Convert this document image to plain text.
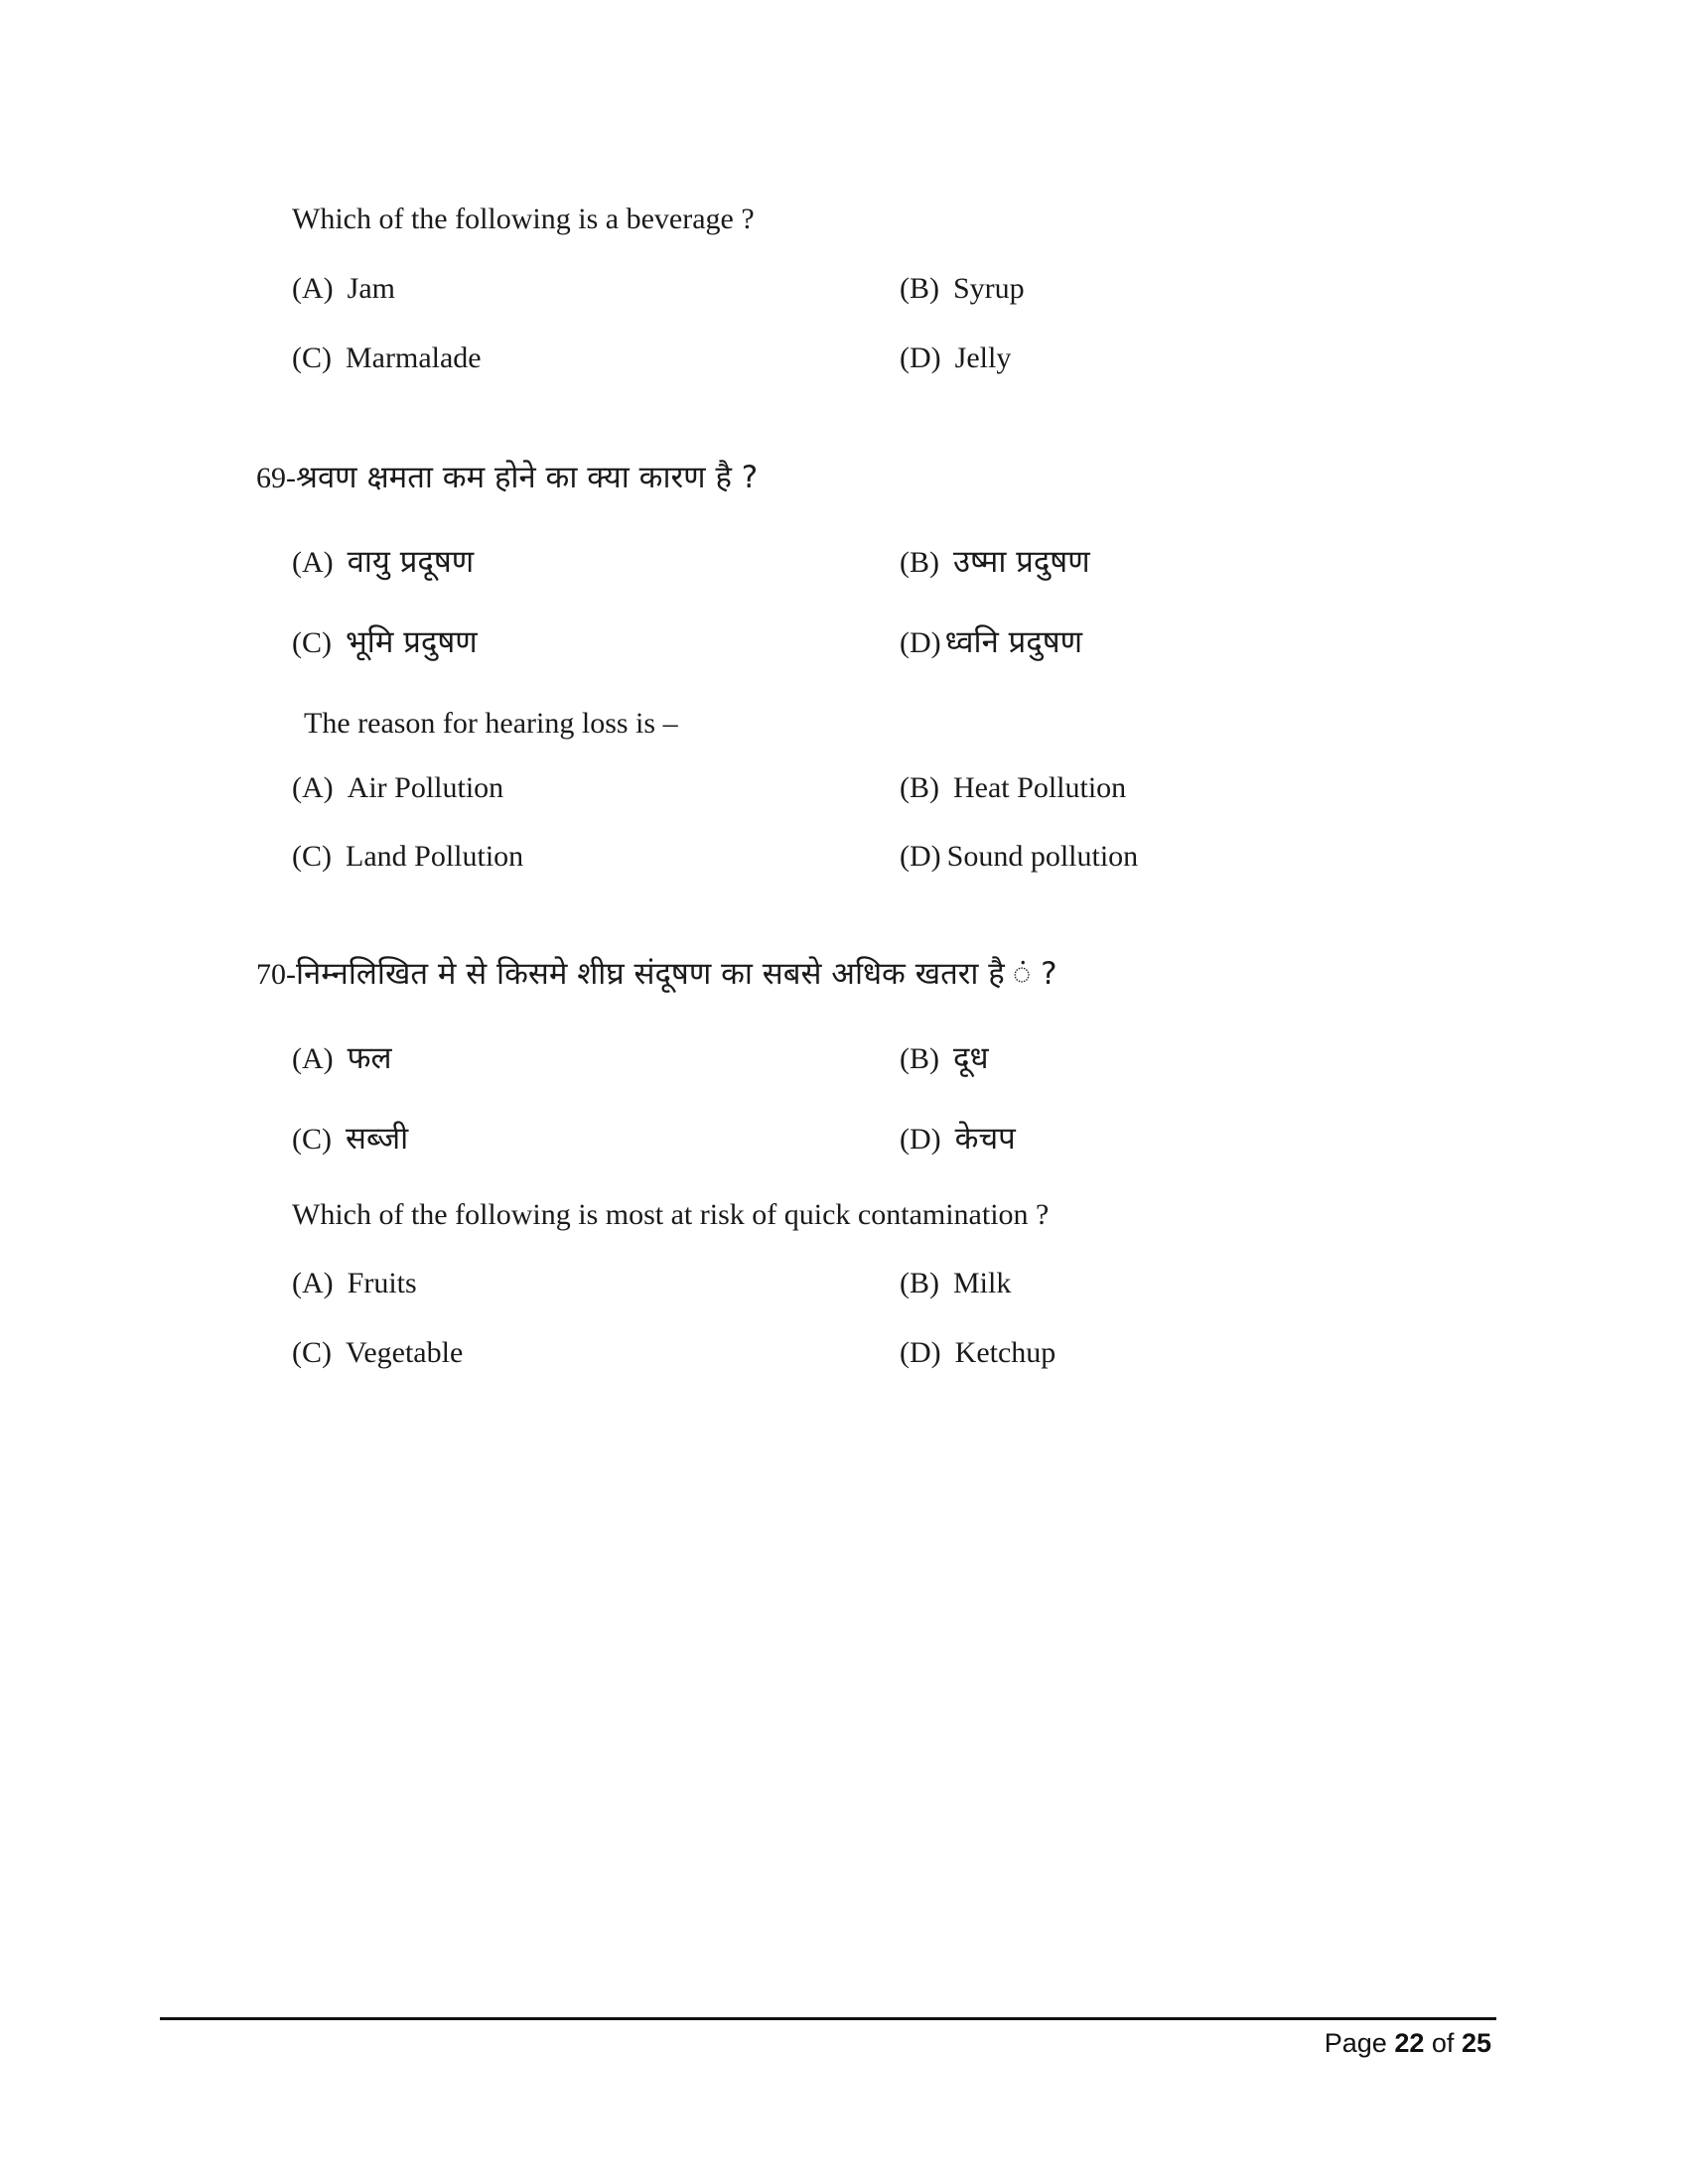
Which of the following is a beverage ?
(A) Jam	(B) Syrup
(C) Marmalade	(D) Jelly
69-श्रवण क्षमता कम होने का क्या कारण है ?
(A) वायु प्रदूषण	(B) उष्मा प्रदुषण
(C) भूमि प्रदुषण	(D) ध्वनि प्रदुषण
The reason for hearing loss is –
(A) Air Pollution	(B) Heat Pollution
(C) Land Pollution	(D) Sound pollution
70-निम्नलिखित मे से किसमे शीघ्र संदूषण का सबसे अधिक खतरा है ं ?
(A) फल	(B) दूध
(C) सब्जी	(D) केचप
Which of the following is most at risk of quick contamination ?
(A) Fruits	(B) Milk
(C) Vegetable	(D) Ketchup
Page 22 of 25
